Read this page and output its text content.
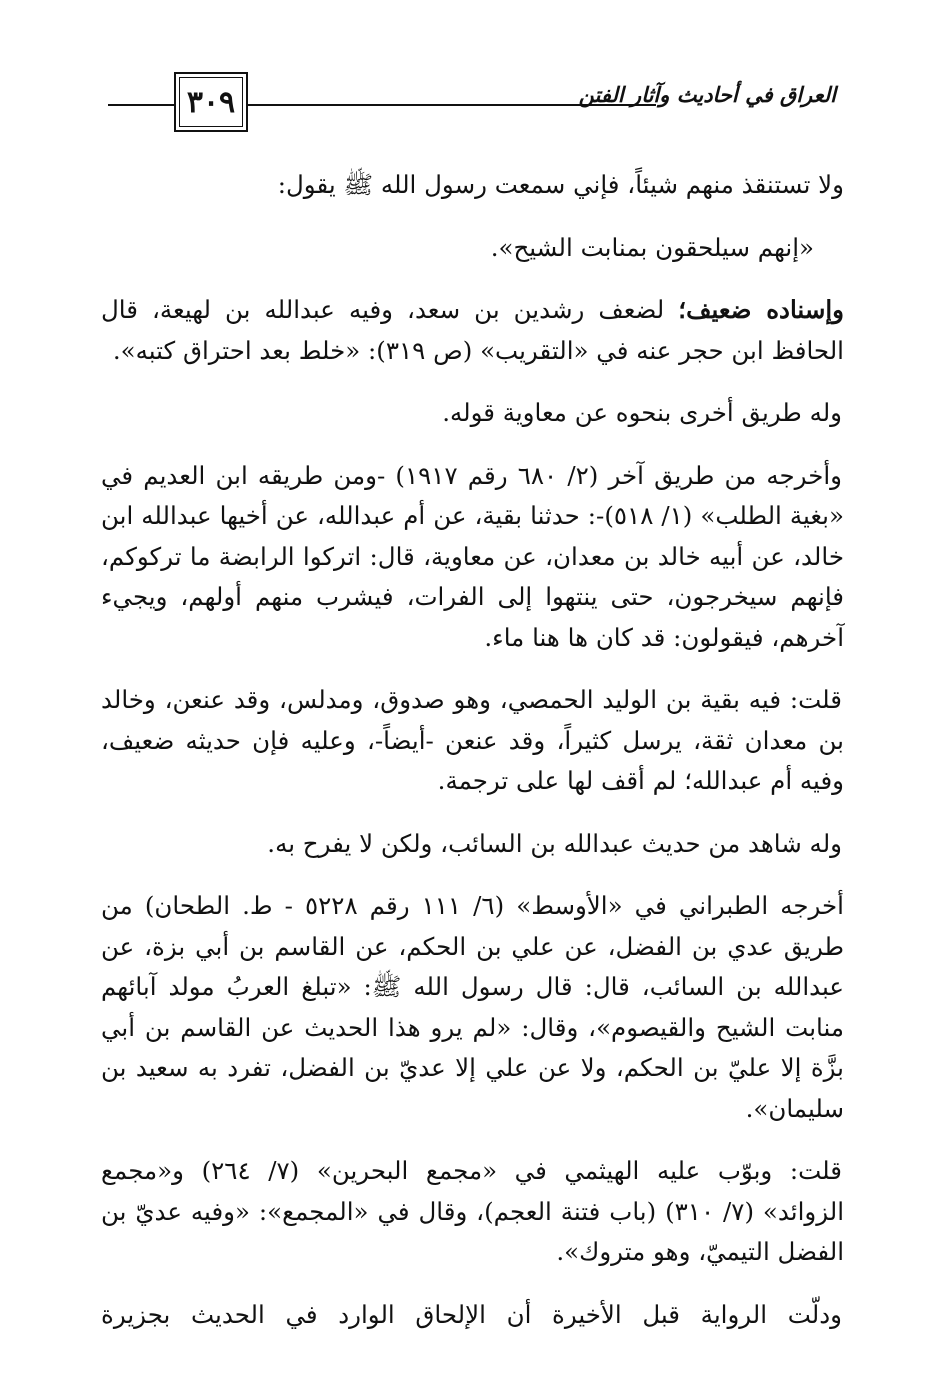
٣٠٩	العراق في أحاديث وآثار الفتن

ولا تستنقذ منهم شيئاً، فإني سمعت رسول الله ﷺ يقول:

«إنهم سيلحقون بمنابت الشيح».

وإسناده ضعيف؛ لضعف رشدين بن سعد، وفيه عبدالله بن لهيعة، قال الحافظ ابن حجر عنه في «التقريب» (ص ٣١٩): «خلط بعد احتراق كتبه».

وله طريق أخرى بنحوه عن معاوية قوله.

وأخرجه من طريق آخر (٢/ ٦٨٠ رقم ١٩١٧) -ومن طريقه ابن العديم في «بغية الطلب» (١/ ٥١٨)-: حدثنا بقية، عن أم عبدالله، عن أخيها عبدالله ابن خالد، عن أبيه خالد بن معدان، عن معاوية، قال: اتركوا الرابضة ما تركوكم، فإنهم سيخرجون، حتى ينتهوا إلى الفرات، فيشرب منهم أولهم، ويجيء آخرهم، فيقولون: قد كان ها هنا ماء.

قلت: فيه بقية بن الوليد الحمصي، وهو صدوق، ومدلس، وقد عنعن، وخالد بن معدان ثقة، يرسل كثيراً، وقد عنعن -أيضاً-، وعليه فإن حديثه ضعيف، وفيه أم عبدالله؛ لم أقف لها على ترجمة.

وله شاهد من حديث عبدالله بن السائب، ولكن لا يفرح به.

أخرجه الطبراني في «الأوسط» (٦/ ١١١ رقم ٥٢٢٨ - ط. الطحان) من طريق عدي بن الفضل، عن علي بن الحكم، عن القاسم بن أبي بزة، عن عبدالله بن السائب، قال: قال رسول الله ﷺ: «تبلغ العربُ مولد آبائهم منابت الشيح والقيصوم»، وقال: «لم يرو هذا الحديث عن القاسم بن أبي بزَّة إلا عليّ بن الحكم، ولا عن علي إلا عديّ بن الفضل، تفرد به سعيد بن سليمان».

قلت: وبوّب عليه الهيثمي في «مجمع البحرين» (٧/ ٢٦٤) و«مجمع الزوائد» (٧/ ٣١٠) (باب فتنة العجم)، وقال في «المجمع»: «وفيه عديّ بن الفضل التيميّ، وهو متروك».

ودلّت الرواية قبل الأخيرة أن الإلحاق الوارد في الحديث بجزيرة
